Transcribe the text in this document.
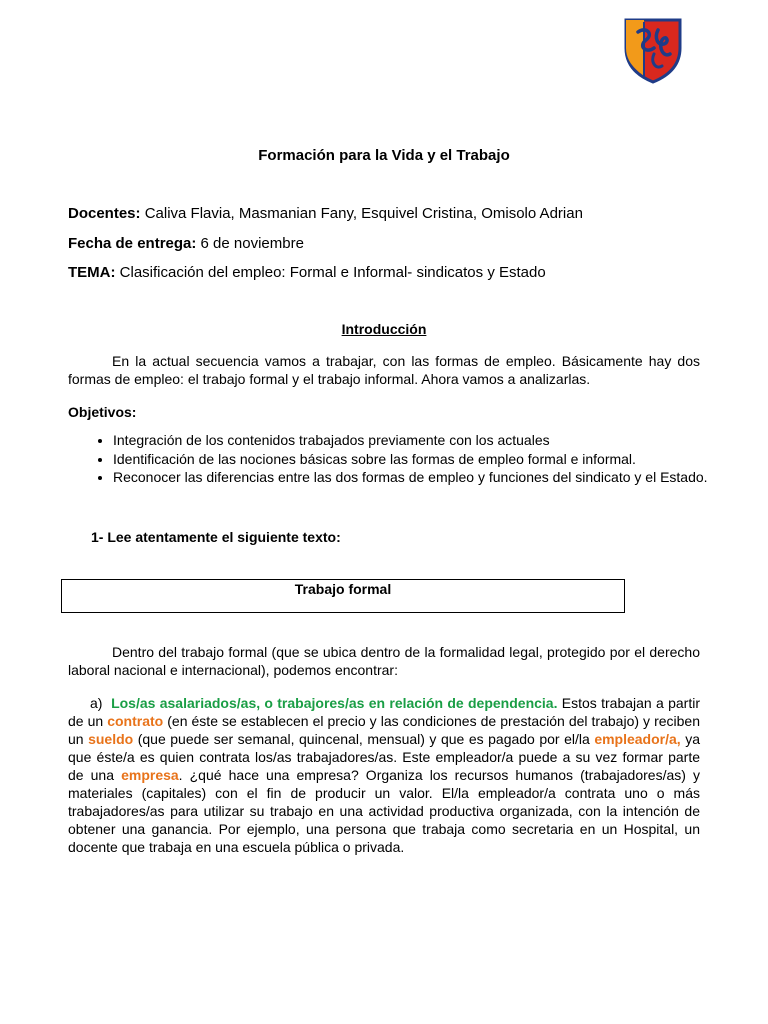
Formación para la Vida y el Trabajo
Docentes: Caliva Flavia, Masmanian Fany, Esquivel Cristina, Omisolo Adrian
Fecha de entrega: 6 de noviembre
TEMA: Clasificación del empleo: Formal e Informal- sindicatos y Estado
Introducción
En la actual secuencia vamos a trabajar, con las formas de empleo. Básicamente hay dos formas de empleo: el trabajo formal y el trabajo informal. Ahora vamos a analizarlas.
Objetivos:
• Integración de los contenidos trabajados previamente con los actuales
• Identificación de las nociones básicas sobre las formas de empleo formal e informal.
• Reconocer las diferencias entre las dos formas de empleo y funciones del sindicato y el Estado.
1- Lee atentamente el siguiente texto:
Trabajo formal
Dentro del trabajo formal (que se ubica dentro de la formalidad legal, protegido por el derecho laboral nacional e internacional), podemos encontrar:
a) Los/as asalariados/as, o trabajores/as en relación de dependencia. Estos trabajan a partir de un contrato (en éste se establecen el precio y las condiciones de prestación del trabajo) y reciben un sueldo (que puede ser semanal, quincenal, mensual) y que es pagado por el/la empleador/a, ya que éste/a es quien contrata los/as trabajadores/as. Este empleador/a puede a su vez formar parte de una empresa. ¿qué hace una empresa? Organiza los recursos humanos (trabajadores/as) y materiales (capitales) con el fin de producir un valor. El/la empleador/a contrata uno o más trabajadores/as para utilizar su trabajo en una actividad productiva organizada, con la intención de obtener una ganancia. Por ejemplo, una persona que trabaja como secretaria en un Hospital, un docente que trabaja en una escuela pública o privada.
